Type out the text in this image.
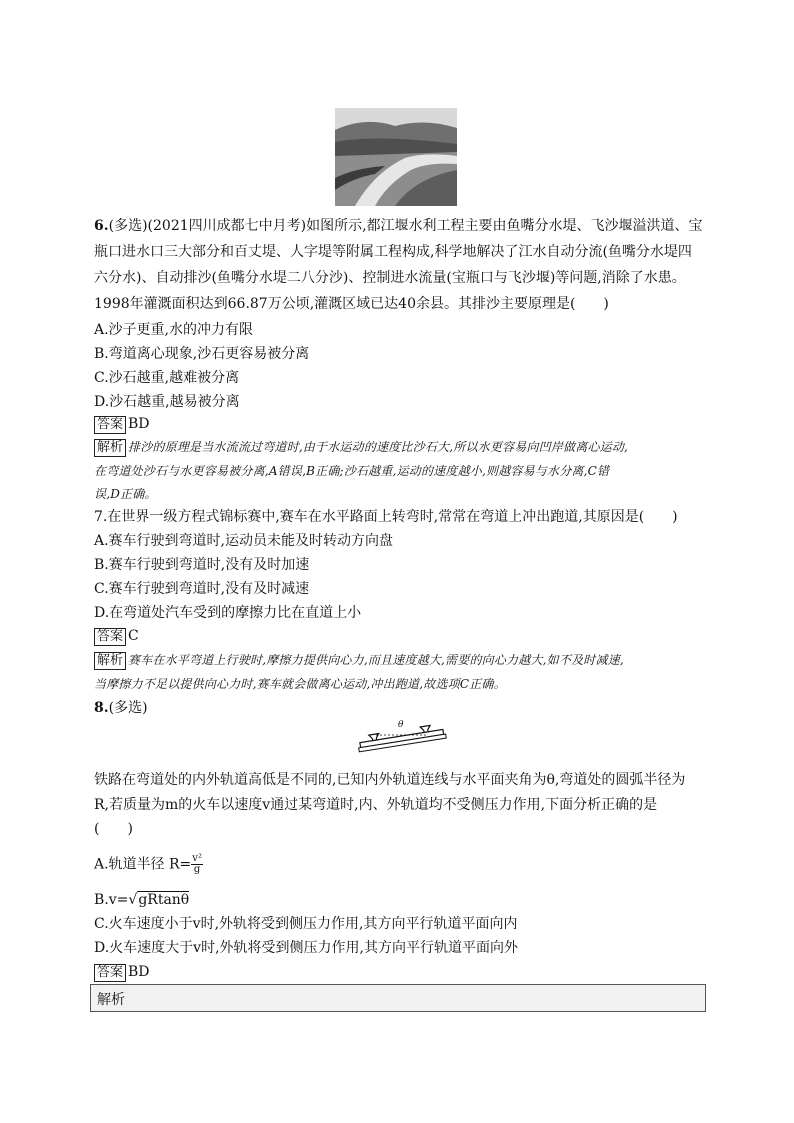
6.(多选)(2021四川成都七中月考)如图所示,都江堰水利工程主要由鱼嘴分水堤、飞沙堰溢洪道、宝
瓶口进水口三大部分和百丈堤、人字堤等附属工程构成,科学地解决了江水自动分流(鱼嘴分水堤四
六分水)、自动排沙(鱼嘴分水堤二八分沙)、控制进水流量(宝瓶口与飞沙堰)等问题,消除了水患。
1998年灌溉面积达到66.87万公顷,灌溉区域已达40余县。其排沙主要原理是(　　)
A.沙子更重,水的冲力有限
B.弯道离心现象,沙石更容易被分离
C.沙石越重,越难被分离
D.沙石越重,越易被分离
答案 BD
解析 排沙的原理是当水流流过弯道时,由于水运动的速度比沙石大,所以水更容易向凹岸做离心运动,
在弯道处沙石与水更容易被分离,A错误,B正确;沙石越重,运动的速度越小,则越容易与水分离,C错
误,D正确。
7.在世界一级方程式锦标赛中,赛车在水平路面上转弯时,常常在弯道上冲出跑道,其原因是(　　)
A.赛车行驶到弯道时,运动员未能及时转动方向盘
B.赛车行驶到弯道时,没有及时加速
C.赛车行驶到弯道时,没有及时减速
D.在弯道处汽车受到的摩擦力比在直道上小
答案 C
解析 赛车在水平弯道上行驶时,摩擦力提供向心力,而且速度越大,需要的向心力越大,如不及时减速,
当摩擦力不足以提供向心力时,赛车就会做离心运动,冲出跑道,故选项C正确。
8.(多选)
θ
铁路在弯道处的内外轨道高低是不同的,已知内外轨道连线与水平面夹角为θ,弯道处的圆弧半径为
R,若质量为m的火车以速度v通过某弯道时,内、外轨道均不受侧压力作用,下面分析正确的是
(　　)
A.轨道半径 $R= \frac{\text{v²}}{g}$
B.v=√gRtanθ
C.火车速度小于v时,外轨将受到侧压力作用,其方向平行轨道平面向内
D.火车速度大于v时,外轨将受到侧压力作用,其方向平行轨道平面向外
答案 BD
解析
